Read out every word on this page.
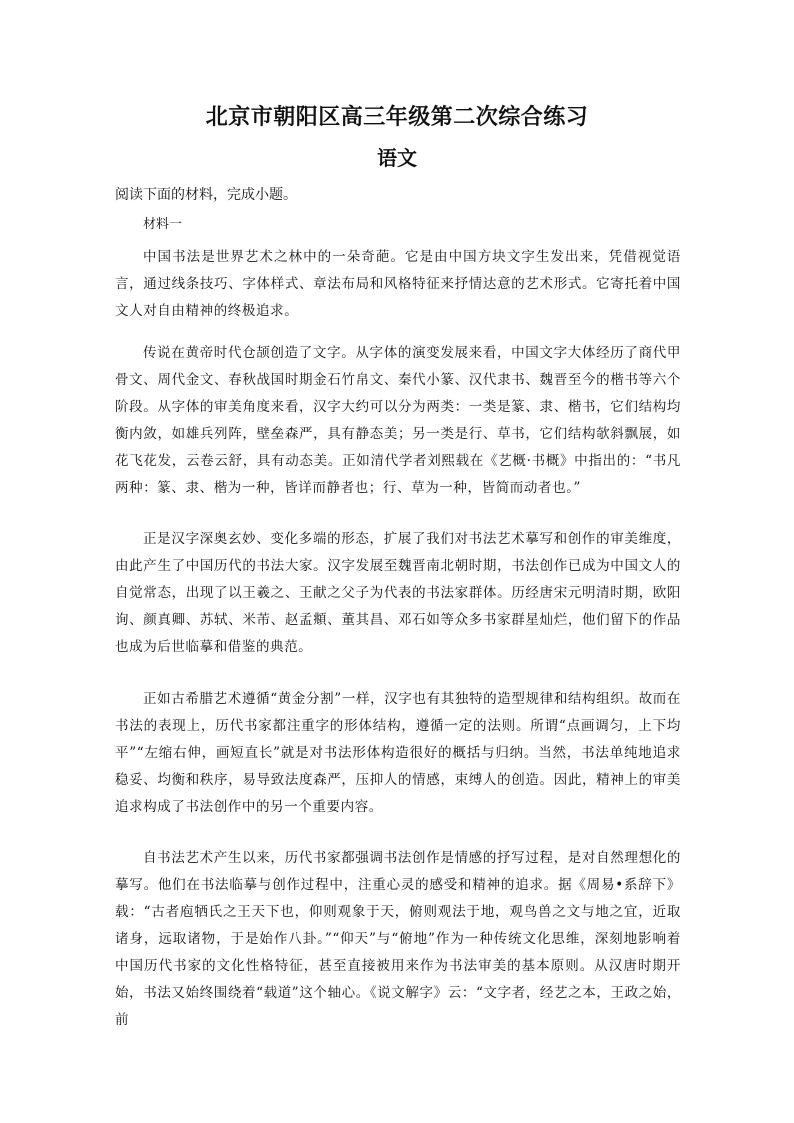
北京市朝阳区高三年级第二次综合练习
语文
阅读下面的材料，完成小题。
材料一

中国书法是世界艺术之林中的一朵奇葩。它是由中国方块文字生发出来，凭借视觉语言，通过线条技巧、字体样式、章法布局和风格特征来抒情达意的艺术形式。它寄托着中国文人对自由精神的终极追求。

传说在黄帝时代仓颉创造了文字。从字体的演变发展来看，中国文字大体经历了商代甲骨文、周代金文、春秋战国时期金石竹帛文、秦代小篆、汉代隶书、魏晋至今的楷书等六个阶段。从字体的审美角度来看，汉字大约可以分为两类：一类是篆、隶、楷书，它们结构均衡内敛，如雄兵列阵，壁垒森严，具有静态美；另一类是行、草书，它们结构欹斜飘展，如花飞花发，云卷云舒，具有动态美。正如清代学者刘熙载在《艺概·书概》中指出的：“书凡两种：篆、隶、楷为一种，皆详而静者也；行、草为一种，皆简而动者也。”

正是汉字深奥玄妙、变化多端的形态，扩展了我们对书法艺术摹写和创作的审美维度，由此产生了中国历代的书法大家。汉字发展至魏晋南北朝时期，书法创作已成为中国文人的自觉常态，出现了以王羲之、王献之父子为代表的书法家群体。历经唐宋元明清时期，欧阳询、颜真卿、苏轼、米芾、赵孟頫、董其昌、邓石如等众多书家群星灿烂，他们留下的作品也成为后世临摹和借鉴的典范。

正如古希腊艺术遵循“黄金分割”一样，汉字也有其独特的造型规律和结构组织。故而在书法的表现上，历代书家都注重字的形体结构，遵循一定的法则。所谓“点画调匀，上下均平”“左缩右伸，画短直长”就是对书法形体构造很好的概括与归纳。当然，书法单纯地追求稳妥、均衡和秩序，易导致法度森严，压抑人的情感，束缚人的创造。因此，精神上的审美追求构成了书法创作中的另一个重要内容。

自书法艺术产生以来，历代书家都强调书法创作是情感的抒写过程，是对自然理想化的摹写。他们在书法临摹与创作过程中，注重心灵的感受和精神的追求。据《周易•系辞下》载：“古者庖牺氏之王天下也，仰则观象于天，俯则观法于地，观鸟兽之文与地之宜，近取诸身，远取诸物，于是始作八卦。”“仰天”与“俯地”作为一种传统文化思维，深刻地影响着中国历代书家的文化性格特征，甚至直接被用来作为书法审美的基本原则。从汉唐时期开始，书法又始终围绕着“载道”这个轴心。《说文解字》云：“文字者，经艺之本，王政之始，前
